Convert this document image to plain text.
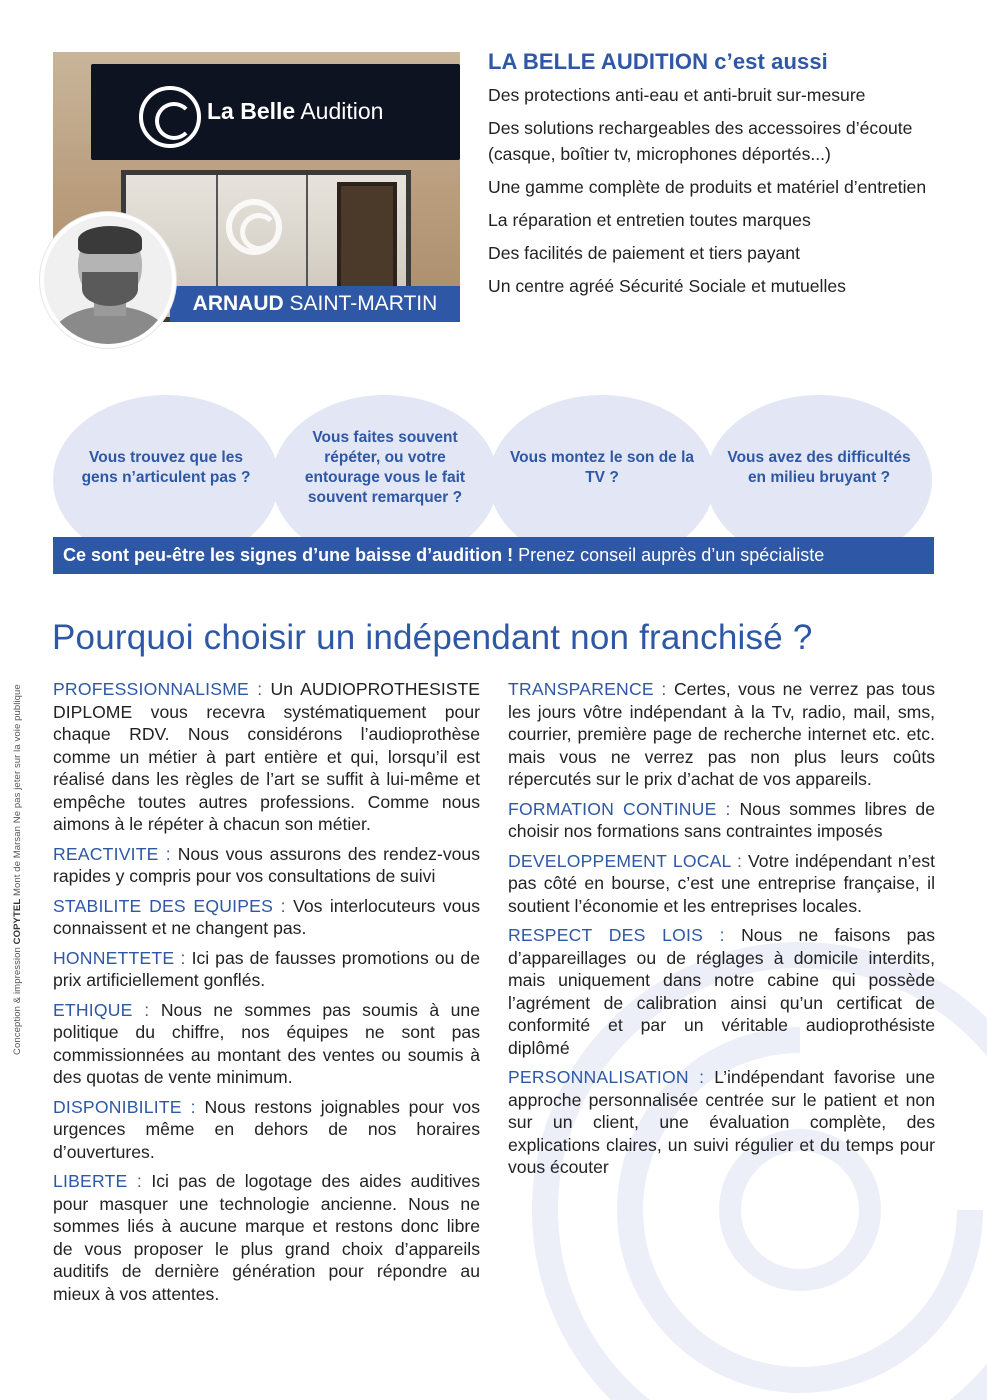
Conception & impression COPYTEL Mont de Marsan Ne pas jeter sur la voie publique
La Belle Audition
ARNAUD SAINT-MARTIN
LA BELLE AUDITION c’est aussi
Des protections anti-eau et anti-bruit sur-mesure
Des solutions rechargeables des accessoires d’écoute (casque, boîtier tv, microphones déportés...)
Une gamme complète de produits et matériel d’entretien
La réparation et entretien toutes marques
Des facilités de paiement et tiers payant
Un centre agréé Sécurité Sociale et mutuelles
Vous trouvez que les gens n’articulent pas ?
Vous faites souvent répéter, ou votre entourage vous le fait souvent remarquer ?
Vous montez le son de la TV ?
Vous avez des difficultés en milieu bruyant ?
Ce sont peu-être les signes d’une baisse d’audition ! Prenez conseil auprès d’un spécialiste
Pourquoi choisir un indépendant non franchisé ?

PROFESSIONNALISME : Un AUDIOPROTHESISTE DIPLOME vous recevra systématiquement pour chaque RDV. Nous considérons l’audioprothèse comme un métier à part entière et qui, lorsqu’il est réalisé dans les règles de l’art se suffit à lui-même et empêche toutes autres professions. Comme nous aimons à le répéter à chacun son métier.

REACTIVITE : Nous vous assurons des rendez-vous rapides y compris pour vos consultations de suivi

STABILITE DES EQUIPES : Vos interlocuteurs vous connaissent et ne changent pas.

HONNETTETE : Ici pas de fausses promotions ou de prix artificiellement gonflés.

ETHIQUE : Nous ne sommes pas soumis à une politique du chiffre, nos équipes ne sont pas commissionnées au montant des ventes ou soumis à des quotas de vente minimum.

DISPONIBILITE : Nous restons joignables pour vos urgences même en dehors de nos horaires d’ouvertures.

LIBERTE : Ici pas de logotage des aides auditives pour masquer une technologie ancienne. Nous ne sommes liés à aucune marque et restons donc libre de vous proposer le plus grand choix d’appareils auditifs de dernière génération pour répondre au mieux à vos attentes.

TRANSPARENCE : Certes, vous ne verrez pas tous les jours vôtre indépendant à la Tv, radio, mail, sms, courrier, première page de recherche internet etc. etc. mais vous ne verrez pas non plus leurs coûts répercutés sur le prix d’achat de vos appareils.

FORMATION CONTINUE : Nous sommes libres de choisir nos formations sans contraintes imposés

DEVELOPPEMENT LOCAL : Votre indépendant n’est pas côté en bourse, c’est une entreprise française, il soutient l’économie et les entreprises locales.

RESPECT DES LOIS : Nous ne faisons pas d’appareillages ou de réglages à domicile interdits, mais uniquement dans notre cabine qui possède l’agrément de calibration ainsi qu’un certificat de conformité et par un véritable audioprothésiste diplômé

PERSONNALISATION : L’indépendant favorise une approche personnalisée centrée sur le patient et non sur un client, une évaluation complète, des explications claires, un suivi régulier et du temps pour vous écouter
